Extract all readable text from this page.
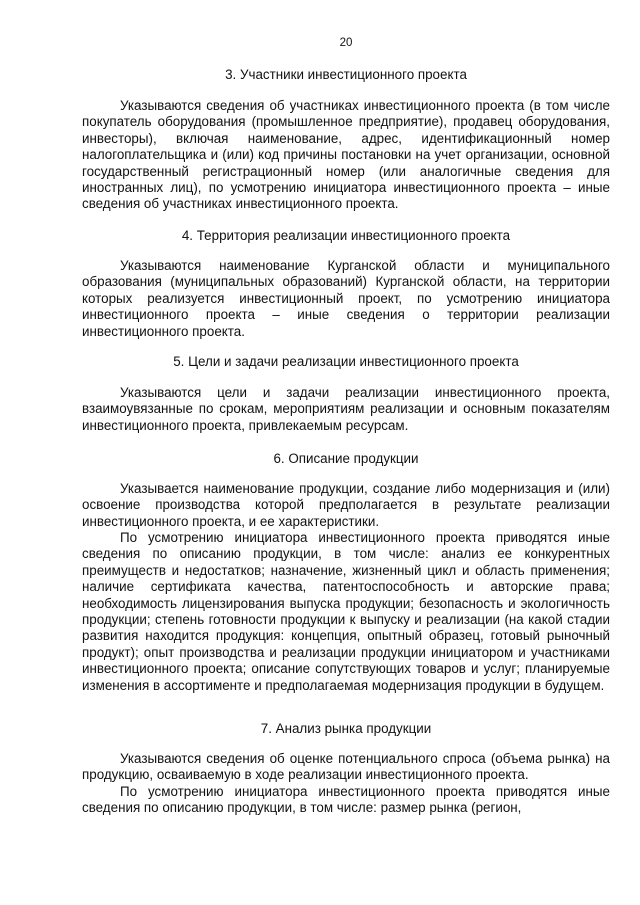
20
3. Участники инвестиционного проекта

Указываются сведения об участниках инвестиционного проекта (в том числе покупатель оборудования (промышленное предприятие), продавец оборудования, инвесторы), включая наименование, адрес, идентификационный номер налогоплательщика и (или) код причины постановки на учет организации, основной государственный регистрационный номер (или аналогичные сведения для иностранных лиц), по усмотрению инициатора инвестиционного проекта – иные сведения об участниках инвестиционного проекта.

4. Территория реализации инвестиционного проекта

Указываются наименование Курганской области и муниципального образования (муниципальных образований) Курганской области, на территории которых реализуется инвестиционный проект, по усмотрению инициатора инвестиционного проекта – иные сведения о территории реализации инвестиционного проекта.

5. Цели и задачи реализации инвестиционного проекта

Указываются цели и задачи реализации инвестиционного проекта, взаимоувязанные по срокам, мероприятиям реализации и основным показателям инвестиционного проекта, привлекаемым ресурсам.

6. Описание продукции

Указывается наименование продукции, создание либо модернизация и (или) освоение производства которой предполагается в результате реализации инвестиционного проекта, и ее характеристики.

По усмотрению инициатора инвестиционного проекта приводятся иные сведения по описанию продукции, в том числе: анализ ее конкурентных преимуществ и недостатков; назначение, жизненный цикл и область применения; наличие сертификата качества, патентоспособность и авторские права; необходимость лицензирования выпуска продукции; безопасность и экологичность продукции; степень готовности продукции к выпуску и реализации (на какой стадии развития находится продукция: концепция, опытный образец, готовый рыночный продукт); опыт производства и реализации продукции инициатором и участниками инвестиционного проекта; описание сопутствующих товаров и услуг; планируемые изменения в ассортименте и предполагаемая модернизация продукции в будущем.

7. Анализ рынка продукции

Указываются сведения об оценке потенциального спроса (объема рынка) на продукцию, осваиваемую в ходе реализации инвестиционного проекта.

По усмотрению инициатора инвестиционного проекта приводятся иные сведения по описанию продукции, в том числе: размер рынка (регион,
